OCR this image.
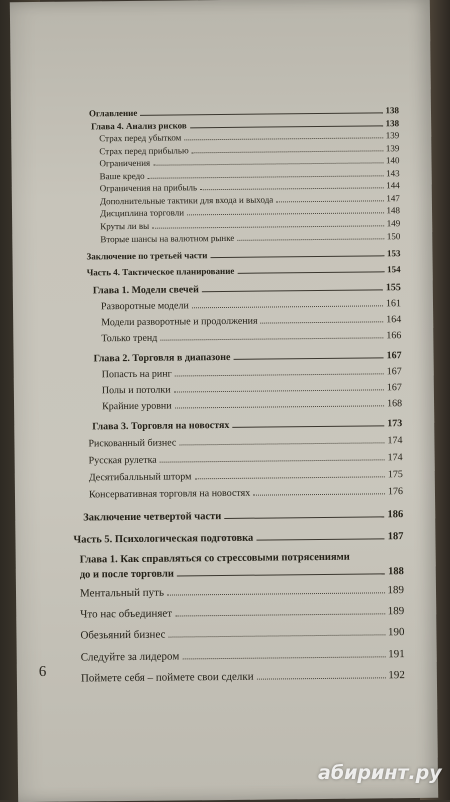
Оглавление	138
Глава 4. Анализ рисков	138
Страх перед убытком	139
Страх перед прибылью	139
Ограничения	140
Ваше кредо	143
Ограничения на прибыль	144
Дополнительные тактики для входа и выхода	147
Дисциплина торговли	148
Круты ли вы	149
Вторые шансы на валютном рынке	150
Заключение по третьей части	153
Часть 4. Тактическое планирование	154
Глава 1. Модели свечей	155
Разворотные модели	161
Модели разворотные и продолжения	164
Только тренд	166
Глава 2. Торговля в диапазоне	167
Попасть на ринг	167
Полы и потолки	167
Крайние уровни	168
Глава 3. Торговля на новостях	173
Рискованный бизнес	174
Русская рулетка	174
Десятибалльный шторм	175
Консервативная торговля на новостях	176
Заключение четвертой части	186
Часть 5. Психологическая подготовка	187
Глава 1. Как справляться со стрессовыми потрясениями
до и после торговли	188
Ментальный путь	189
Что нас объединяет	189
Обезьяний бизнес	190
Следуйте за лидером	191
Поймете себя – поймете свои сделки	192
6
абиринт.ру
